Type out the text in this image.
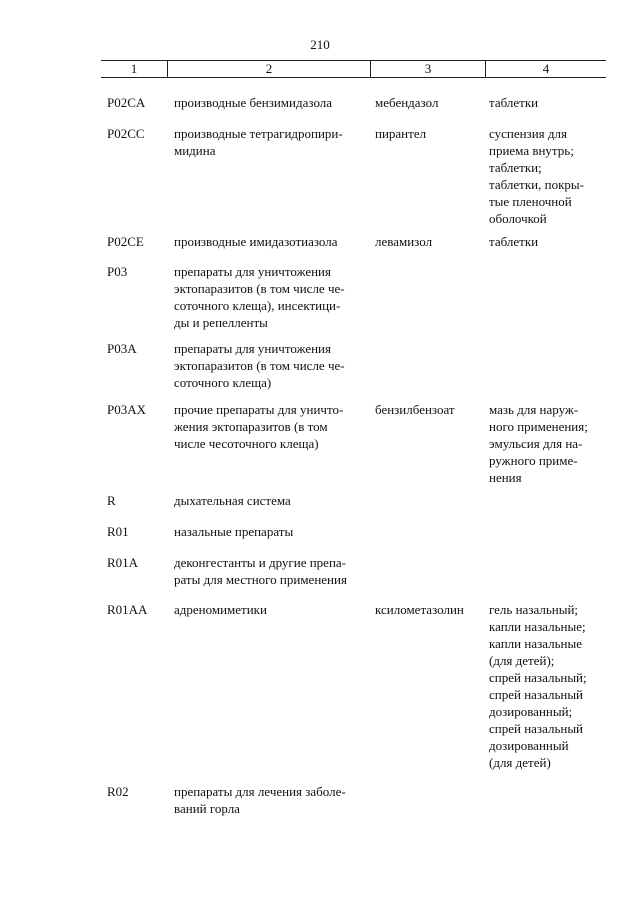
210
1	2	3	4
P02CA	производные бензимидазола	мебендазол	таблетки
P02CC	производные тетрагидропири-
мидина
пирантел	суспензия для
приема внутрь;
таблетки;
таблетки, покры-
тые пленочной
оболочкой
P02CE	производные имидазотиазола	левамизол	таблетки
P03	препараты для уничтожения
эктопаразитов (в том числе че-
соточного клеща), инсектици-
ды и репелленты
P03A	препараты для уничтожения
эктопаразитов (в том числе че-
соточного клеща)
P03AX	прочие препараты для уничто-
жения эктопаразитов (в том
числе чесоточного клеща)
бензилбензоат	мазь для наруж-
ного применения;
эмульсия для на-
ружного приме-
нения
R	дыхательная система
R01	назальные препараты
R01A	деконгестанты и другие препа-
раты для местного применения
R01AA	адреномиметики	ксилометазолин	гель назальный;
капли назальные;
капли назальные
(для детей);
спрей назальный;
спрей назальный
дозированный;
спрей назальный
дозированный
(для детей)
R02	препараты для лечения заболе-
ваний горла
